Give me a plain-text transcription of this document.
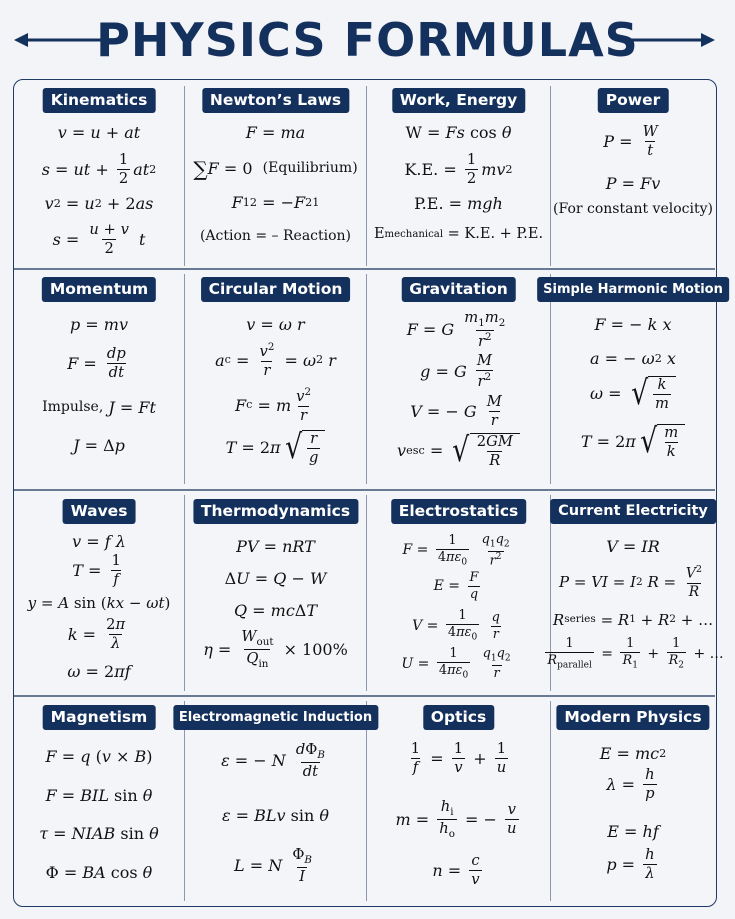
PHYSICS FORMULAS
Kinematics
v = u + at
s = ut +
1
2 at 2
v 2 = u 2 + 2 as
s =
u + v
2
t
Newton’s Laws
F = ma
∑ F = 0 (Equilibrium)
F 12 = − F 21
(Action = – Reaction)
Work, Energy
W = Fs cos θ
K.E. =
1
2 mv 2
P.E. = mgh
E mechanical = K.E. + P.E.
Power
P =
W
t
P = Fv
(For constant velocity)
Momentum
p = mv
F =
dp
dt
Impulse,
J = Ft
J = Δ p
Circular Motion
v = ω
r
a $c = v^2$
r
= ω 2
r
F c = m $v^2$
r
T = 2 π √ r
g
Gravitation
F = G

$m_1m_2$
$r^2$
g = G

M
$r^2$
V = − G

M
r
v esc = √ 2GM
R
Simple Harmonic Motion
F = − k
x
a = − ω 2
x
ω = √ k
m
T = 2 π √ m
k
Waves
v = f
λ
T =
1
f
y = A sin ( kx − ωt )
k =
2π
λ
ω = 2 πf
Thermodynamics
PV = nRT
Δ U = Q − W
Q = mc Δ T
η =
$W_{out}$
$Q_{in}$

× 100%
Electrostatics
F =
1
$4\pi\varepsilon_0$

$q_1q_2$
$r^2$
E =
F
q
V =
1
$4\pi\varepsilon_0$

q
r
U =
1
$4\pi\varepsilon_0$

$q_1q_2$
r
Current Electricity
V = IR
P = VI = I 2
$R = V^2$
R
R series = R 1 + R 2 + …
1
$R_{parallel}$
=
1
$R_1$
+
1
$R_2$
+ …
Magnetism
F = q ( v × B )
F = BIL sin θ
τ = NIAB sin θ
Φ = BA cos θ
Electromagnetic Induction
ε = − N

$d\Phi_B$
dt
ε = BLv sin θ
L = N

$\Phi_B$
I
Optics
1
f =
1
v +
1
u
m =
$h_i$
$h_o$
= −
v
u
n =
c
v
Modern Physics
E = mc 2
λ =
h
p
E = hf
p =
h
λ
